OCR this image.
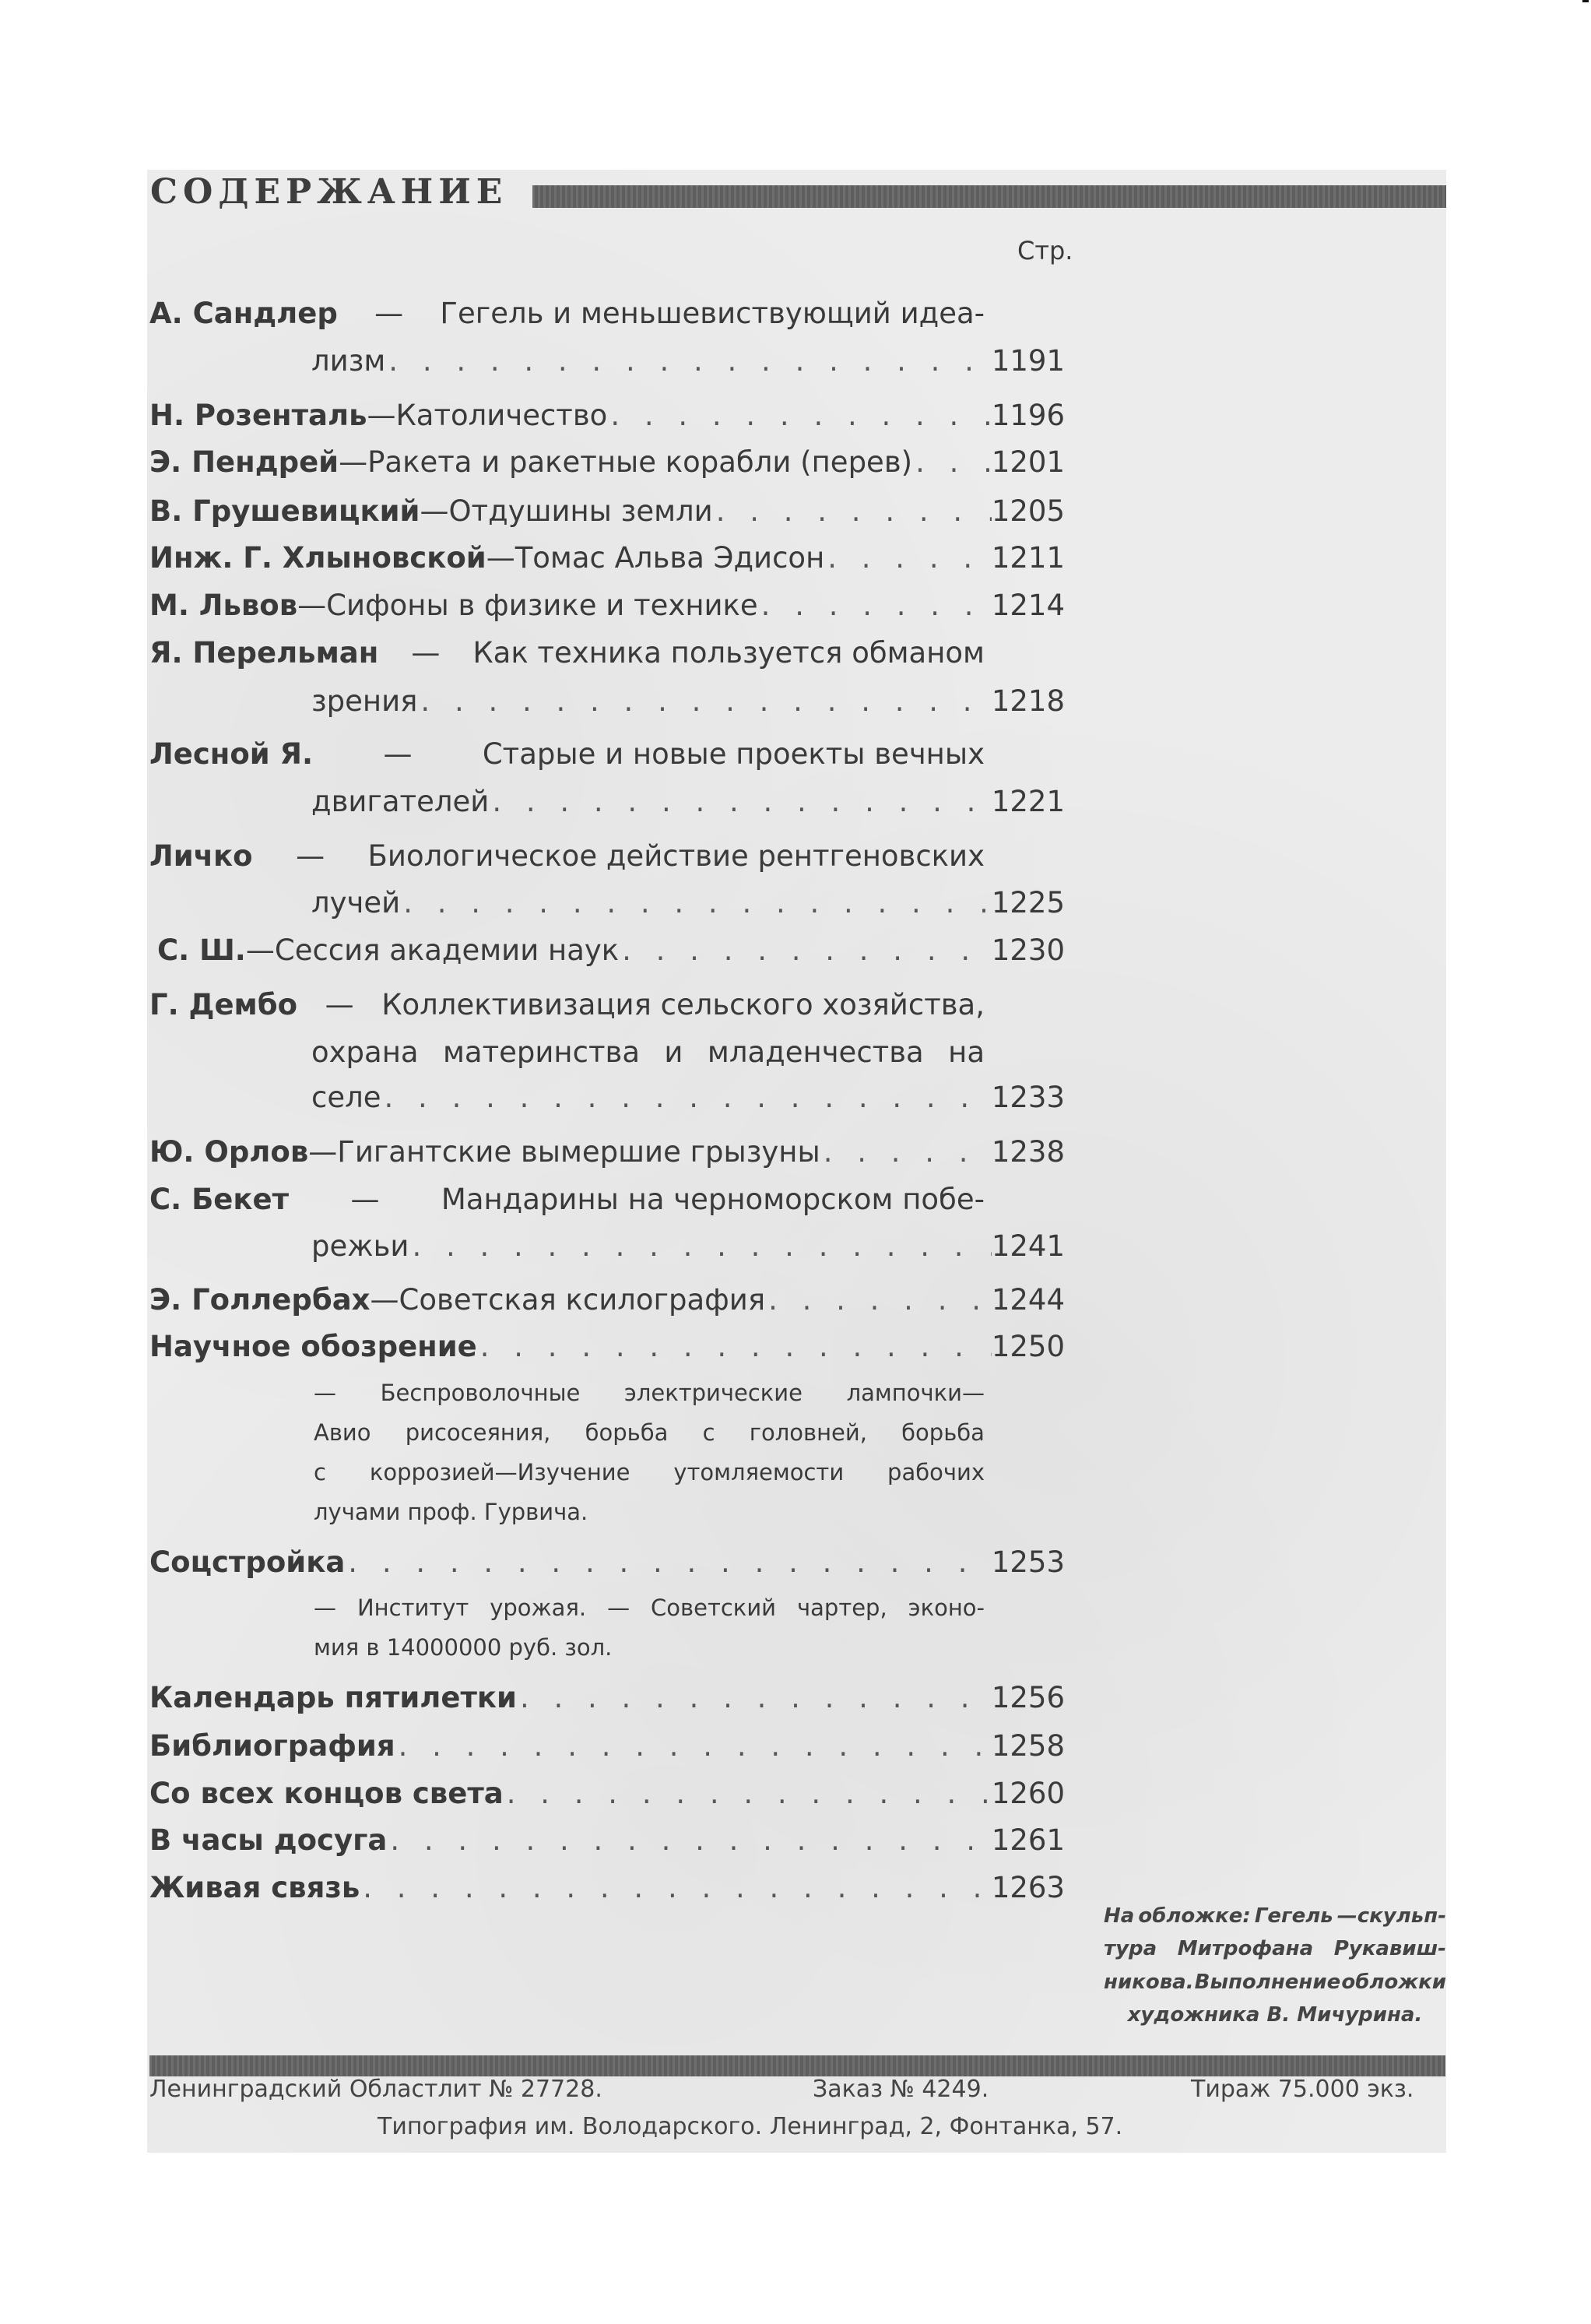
СОДЕРЖАНИЕ
Стр.
А. Сандлер — Гегель и меньшевиствующий идеа-
лизм . . .	1191
Н. Розенталь — Католичество . . .	1196
Э. Пендрей — Ракета и ракетные корабли (перев) . . .	1201
В. Грушевицкий — Отдушины земли . . .	1205
Инж. Г. Хлыновской — Томас Альва Эдисон . . .	1211
М. Львов — Сифоны в физике и технике . . .	1214
Я. Перельман — Как техника пользуется обманом
зрения . . .	1218
Лесной Я. — Старые и новые проекты вечных
двигателей . . .	1221
Личко — Биологическое действие рентгеновских
лучей . . .	1225
С. Ш. — Сессия академии наук . . .	1230
Г. Дембо — Коллективизация сельского хозяйства,
охрана материнства и младенчества на
селе . . .	1233
Ю. Орлов — Гигантские вымершие грызуны . . .	1238
С. Бекет — Мандарины на черноморском побе-
режьи . . .	1241
Э. Голлербах — Советская ксилография . . .	1244
Научное обозрение . . .	1250
— Беспроволочные электрические лампочки—
Авио рисосеяния, борьба с головней, борьба
с коррозией—Изучение утомляемости рабочих
лучами проф. Гурвича.
Соцстройка . . .	1253
— Институт урожая. — Советский чартер, эконо-
мия в 14000000 руб. зол.
Календарь пятилетки . . .	1256
Библиография . . .	1258
Со всех концов света . . .	1260
В часы досуга . . .	1261
Живая связь . . .	1263
На обложке: Гегель —скульп-
тура Митрофана Рукавиш-
никова. Выполнение обложки
художника В. Мичурина.
Ленинградский Областлит № 27728.	Заказ № 4249.	Тираж 75.000 экз.
Типография им. Володарского. Ленинград, 2, Фонтанка, 57.
